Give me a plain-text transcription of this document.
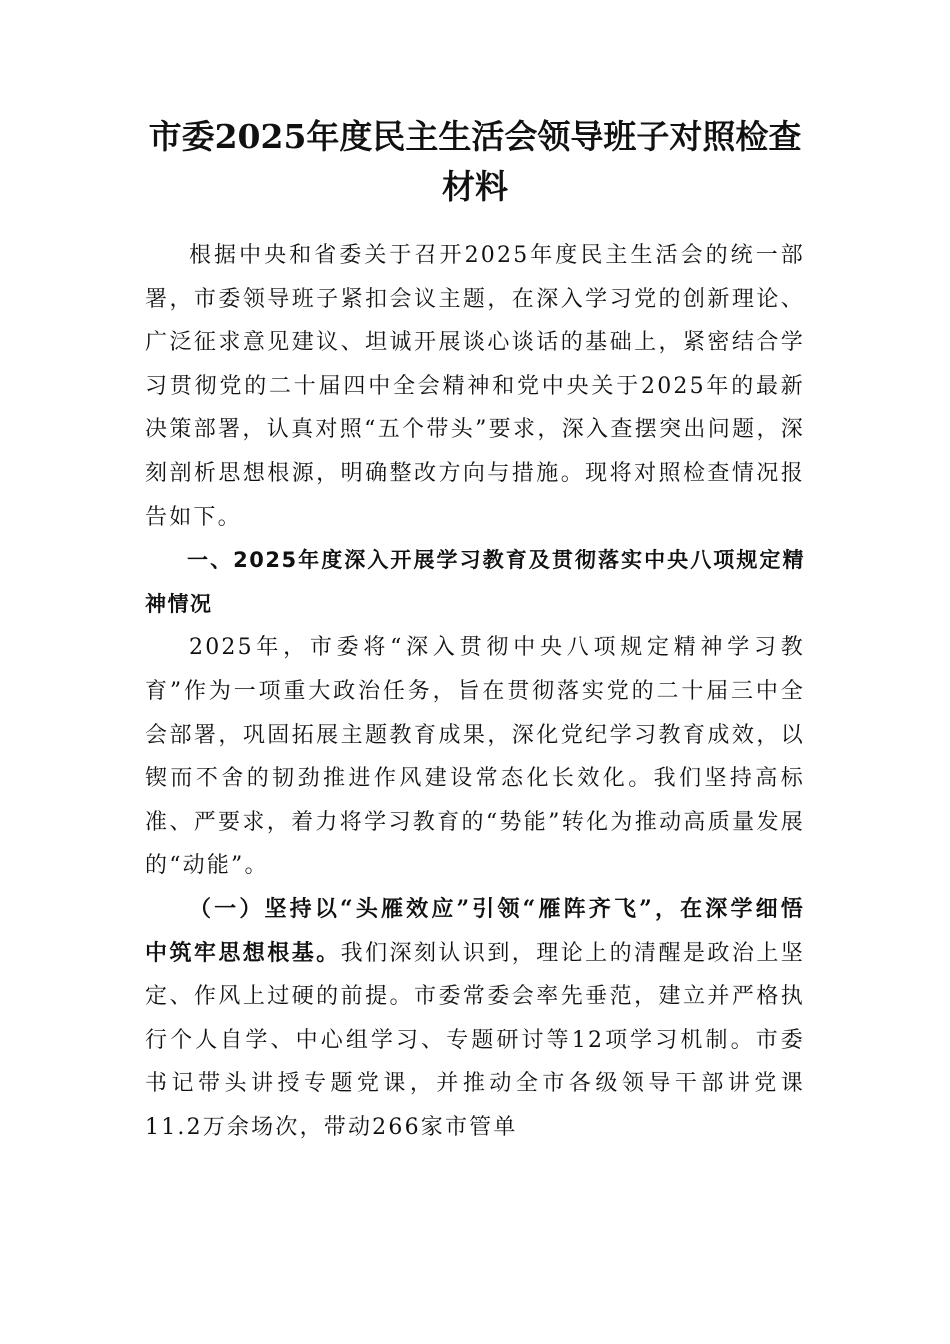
市委2025年度民主生活会领导班子对照检查材料

根据中央和省委关于召开2025年度民主生活会的统一部署，市委领导班子紧扣会议主题，在深入学习党的创新理论、广泛征求意见建议、坦诚开展谈心谈话的基础上，紧密结合学习贯彻党的二十届四中全会精神和党中央关于2025年的最新决策部署，认真对照“五个带头”要求，深入查摆突出问题，深刻剖析思想根源，明确整改方向与措施。现将对照检查情况报告如下。

一、2025年度深入开展学习教育及贯彻落实中央八项规定精神情况

2025年，市委将“深入贯彻中央八项规定精神学习教育”作为一项重大政治任务，旨在贯彻落实党的二十届三中全会部署，巩固拓展主题教育成果，深化党纪学习教育成效，以锲而不舍的韧劲推进作风建设常态化长效化。我们坚持高标准、严要求，着力将学习教育的“势能”转化为推动高质量发展的“动能”。

（一）坚持以“头雁效应”引领“雁阵齐飞”，在深学细悟中筑牢思想根基。我们深刻认识到，理论上的清醒是政治上坚定、作风上过硬的前提。市委常委会率先垂范，建立并严格执行个人自学、中心组学习、专题研讨等12项学习机制。市委书记带头讲授专题党课，并推动全市各级领导干部讲党课11.2万余场次，带动266家市管单
